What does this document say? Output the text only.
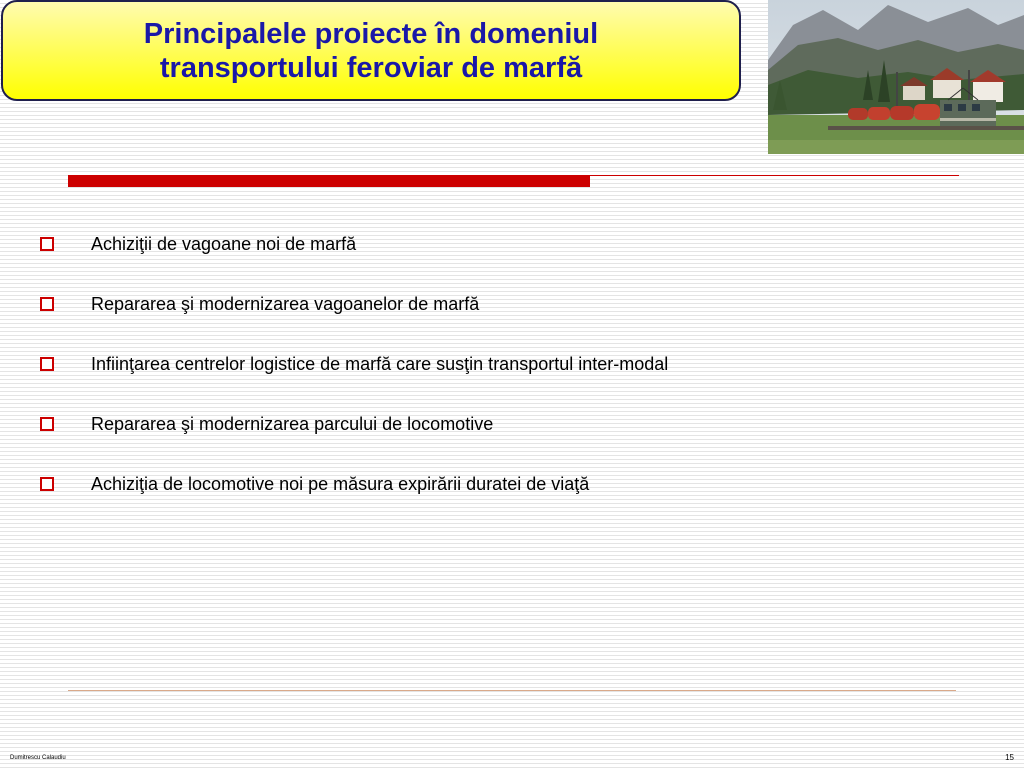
Principalele proiecte în domeniul
transportului feroviar de marfă
Achiziţii de vagoane noi de marfă
Repararea şi modernizarea vagoanelor de marfă
Infiinţarea centrelor logistice de marfă care susţin transportul inter-modal
Repararea şi modernizarea parcului de locomotive
Achiziţia de locomotive noi pe măsura expirării duratei de viaţă
Dumitrescu Calaudiu	15
